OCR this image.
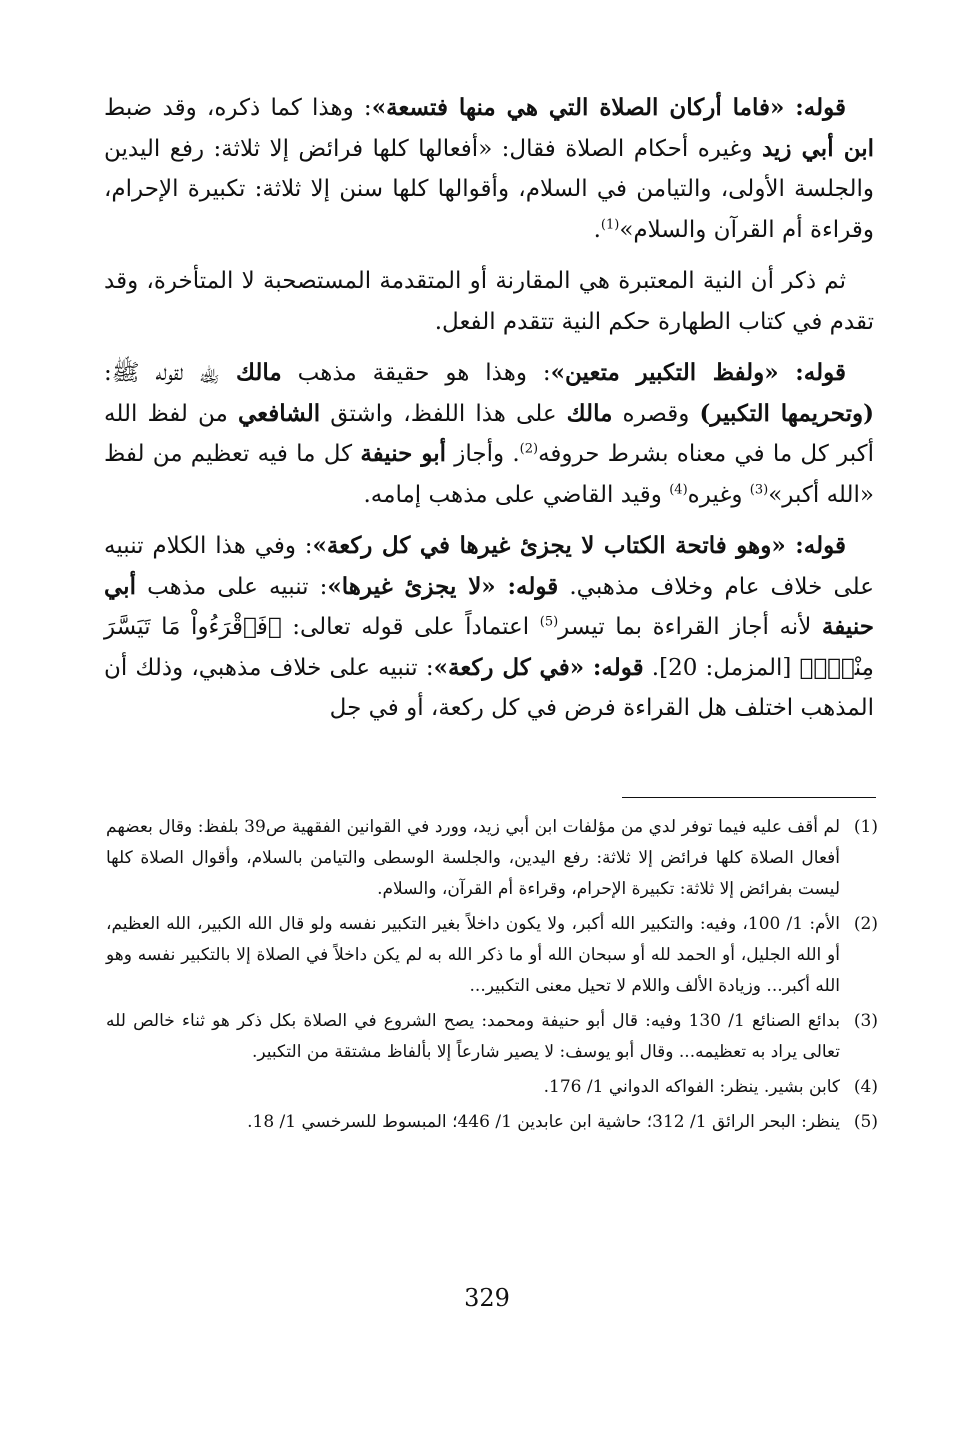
قوله: «فاما أركان الصلاة التي هي منها فتسعة»: وهذا كما ذكره، وقد ضبط ابن أبي زيد وغيره أحكام الصلاة فقال: «أفعالها كلها فرائض إلا ثلاثة: رفع اليدين والجلسة الأولى، والتيامن في السلام، وأقوالها كلها سنن إلا ثلاثة: تكبيرة الإحرام، وقراءة أم القرآن والسلام»$^{(1)}$.

ثم ذكر أن النية المعتبرة هي المقارنة أو المتقدمة المستصحبة لا المتأخرة، وقد تقدم في كتاب الطهارة حكم النية تتقدم الفعل.

قوله: «ولفظ التكبير متعين»: وهذا هو حقيقة مذهب مالك ﵀ لقوله ﷺ: (وتحريمها التكبير) وقصره مالك على هذا اللفظ، واشتق الشافعي من لفظ الله أكبر كل ما في معناه بشرط حروفه$^{(2)}$. وأجاز أبو حنيفة كل ما فيه تعظيم من لفظ «الله أكبر»$^{(3)}$ وغيره$^{(4)}$ وقيد القاضي على مذهب إمامه.

قوله: «وهو فاتحة الكتاب لا يجزئ غيرها في كل ركعة»: وفي هذا الكلام تنبيه على خلاف عام وخلاف مذهبي. قوله: «لا يجزئ غيرها»: تنبيه على مذهب أبي حنيفة لأنه أجاز القراءة بما تيسر$^{(5)}$ اعتماداً على قوله تعالى: ﴿فَٱقْرَءُواْ مَا تَيَسَّرَ مِنْهُۚ﴾ [المزمل: 20]. قوله: «في كل ركعة»: تنبيه على خلاف مذهبي، وذلك أن المذهب اختلف هل القراءة فرض في كل ركعة، أو في جل

(1)
لم أقف عليه فيما توفر لدي من مؤلفات ابن أبي زيد، وورد في القوانين الفقهية ص39 بلفظ: وقال بعضهم أفعال الصلاة كلها فرائض إلا ثلاثة: رفع اليدين، والجلسة الوسطى والتيامن بالسلام، وأقوال الصلاة كلها ليست بفرائض إلا ثلاثة: تكبيرة الإحرام، وقراءة أم القرآن، والسلام.
(2)
الأم: 1/ 100، وفيه: والتكبير الله أكبر، ولا يكون داخلاً بغير التكبير نفسه ولو قال الله الكبير، الله العظيم، أو الله الجليل، أو الحمد لله أو سبحان الله أو ما ذكر الله به لم يكن داخلاً في الصلاة إلا بالتكبير نفسه وهو الله أكبر... وزيادة الألف واللام لا تحيل معنى التكبير...
(3)
بدائع الصنائع 1/ 130 وفيه: قال أبو حنيفة ومحمد: يصح الشروع في الصلاة بكل ذكر هو ثناء خالص لله تعالى يراد به تعظيمه... وقال أبو يوسف: لا يصير شارعاً إلا بألفاظ مشتقة من التكبير.
(4)
كابن بشير. ينظر: الفواكه الدواني 1/ 176.
(5)
ينظر: البحر الرائق 1/ 312؛ حاشية ابن عابدين 1/ 446؛ المبسوط للسرخسي 1/ 18.
329
